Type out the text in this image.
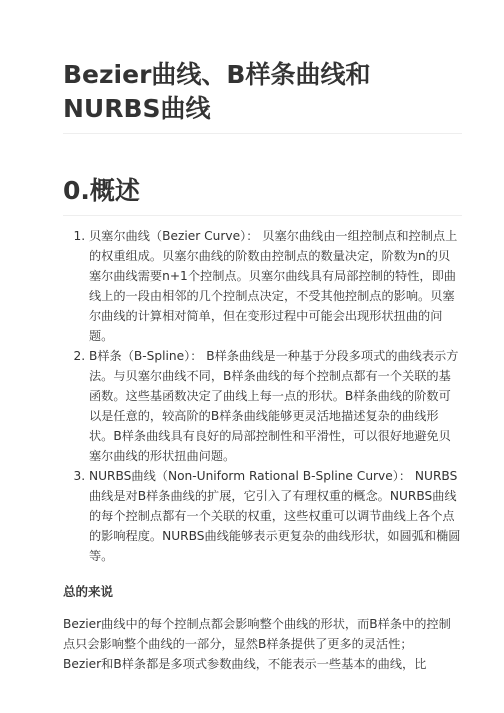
Bezier曲线、B样条曲线和NURBS曲线
0.概述
1. 贝塞尔曲线（Bezier Curve）： 贝塞尔曲线由一组控制点和控制点上的权重组成。贝塞尔曲线的阶数由控制点的数量决定，阶数为n的贝塞尔曲线需要n+1个控制点。贝塞尔曲线具有局部控制的特性，即曲线上的一段由相邻的几个控制点决定，不受其他控制点的影响。贝塞尔曲线的计算相对简单，但在变形过程中可能会出现形状扭曲的问题。
2. B样条（B-Spline）： B样条曲线是一种基于分段多项式的曲线表示方法。与贝塞尔曲线不同，B样条曲线的每个控制点都有一个关联的基函数。这些基函数决定了曲线上每一点的形状。B样条曲线的阶数可以是任意的，较高阶的B样条曲线能够更灵活地描述复杂的曲线形状。B样条曲线具有良好的局部控制性和平滑性，可以很好地避免贝塞尔曲线的形状扭曲问题。
3. NURBS曲线（Non-Uniform Rational B-Spline Curve）： NURBS曲线是对B样条曲线的扩展，它引入了有理权重的概念。NURBS曲线的每个控制点都有一个关联的权重，这些权重可以调节曲线上各个点的影响程度。NURBS曲线能够表示更复杂的曲线形状，如圆弧和椭圆等。
总的来说

Bezier曲线中的每个控制点都会影响整个曲线的形状，而B样条中的控制点只会影响整个曲线的一部分，显然B样条提供了更多的灵活性；

Bezier和B样条都是多项式参数曲线，不能表示一些基本的曲线，比
